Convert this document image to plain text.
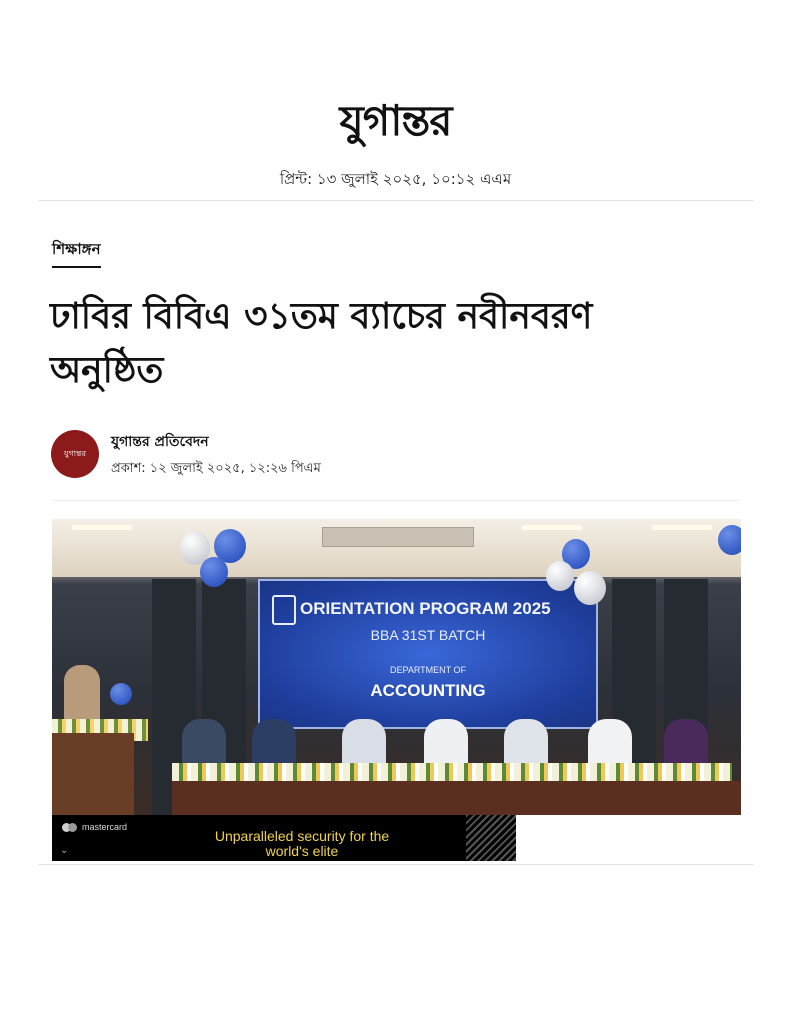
যুগান্তর
প্রিন্ট: ১৩ জুলাই ২০২৫, ১০:১২ এএম
শিক্ষাঙ্গন
ঢাবির বিবিএ ৩১তম ব্যাচের নবীনবরণ অনুষ্ঠিত
যুগান্তর
যুগান্তর প্রতিবেদন
প্রকাশ: ১২ জুলাই ২০২৫, ১২:২৬ পিএম
ORIENTATION PROGRAM 2025
BBA 31ST BATCH
DEPARTMENT OF
ACCOUNTING
mastercard
⌄
Unparalleled security for the world's elite
